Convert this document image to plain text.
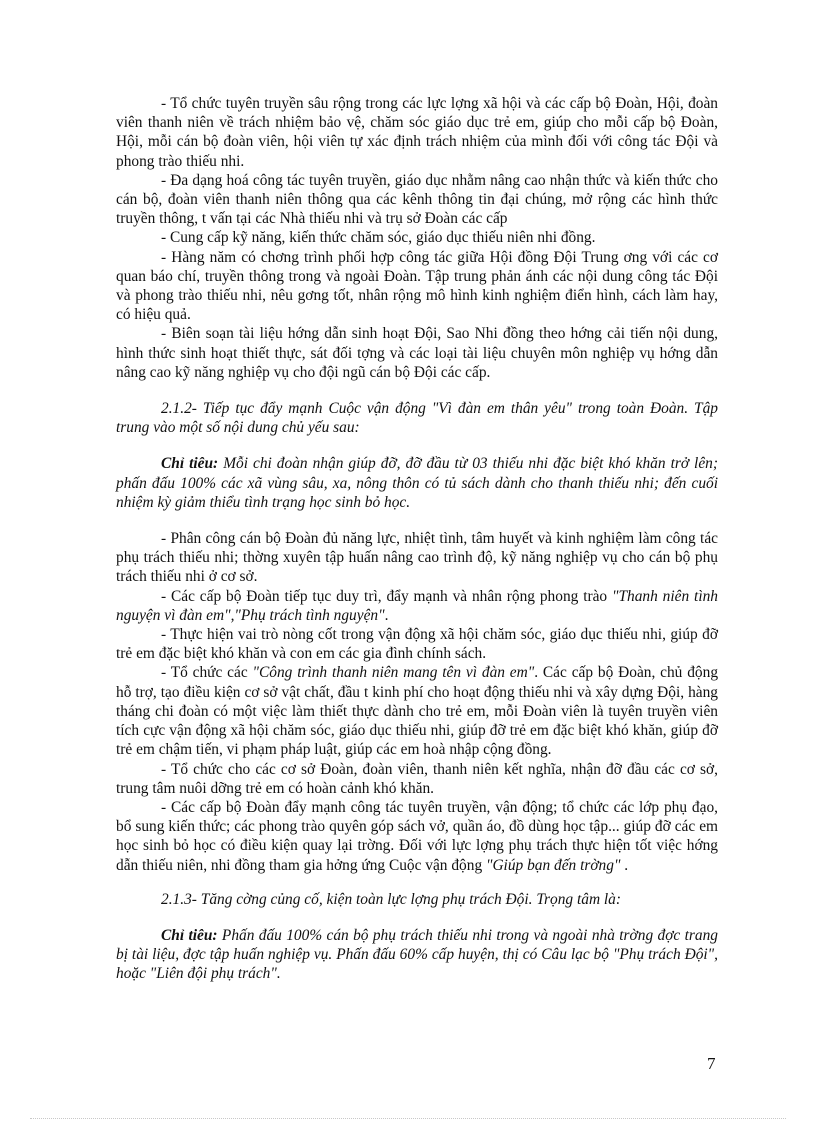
- Tổ chức tuyên truyền sâu rộng trong các lực lợng xã hội và các cấp bộ Đoàn, Hội, đoàn viên thanh niên về trách nhiệm bảo vệ, chăm sóc giáo dục trẻ em, giúp cho mỗi cấp bộ Đoàn, Hội, mỗi cán bộ đoàn viên, hội viên tự xác định trách nhiệm của mình đối với công tác Đội và phong trào thiếu nhi.

- Đa dạng hoá công tác tuyên truyền, giáo dục nhằm nâng cao nhận thức và kiến thức cho cán bộ, đoàn viên thanh niên thông qua các kênh thông tin đại chúng, mở rộng các hình thức truyền thông, t vấn tại các Nhà thiếu nhi và trụ sở Đoàn các cấp

- Cung cấp kỹ năng, kiến thức chăm sóc, giáo dục thiếu niên nhi đồng.

- Hàng năm có chơng trình phối hợp công tác giữa Hội đồng Đội Trung ơng với các cơ quan báo chí, truyền thông trong và ngoài Đoàn. Tập trung phản ánh các nội dung công tác Đội và phong trào thiếu nhi, nêu gơng tốt, nhân rộng mô hình kinh nghiệm điển hình, cách làm hay, có hiệu quả.

- Biên soạn tài liệu hớng dẫn sinh hoạt Đội, Sao Nhi đồng theo hớng cải tiến nội dung, hình thức sinh hoạt thiết thực, sát đối tợng và các loại tài liệu chuyên môn nghiệp vụ hớng dẫn nâng cao kỹ năng nghiệp vụ cho đội ngũ cán bộ Đội các cấp.

2.1.2- Tiếp tục đẩy mạnh Cuộc vận động "Vì đàn em thân yêu" trong toàn Đoàn. Tập trung vào một số nội dung chủ yếu sau:

Chỉ tiêu: Mỗi chi đoàn nhận giúp đỡ, đỡ đầu từ 03 thiếu nhi đặc biệt khó khăn trở lên; phấn đấu 100% các xã vùng sâu, xa, nông thôn có tủ sách dành cho thanh thiếu nhi; đến cuối nhiệm kỳ giảm thiểu tình trạng học sinh bỏ học.

- Phân công cán bộ Đoàn đủ năng lực, nhiệt tình, tâm huyết và kinh nghiệm làm công tác phụ trách thiếu nhi; thờng xuyên tập huấn nâng cao trình độ, kỹ năng nghiệp vụ cho cán bộ phụ trách thiếu nhi ở cơ sở.

- Các cấp bộ Đoàn tiếp tục duy trì, đẩy mạnh và nhân rộng phong trào "Thanh niên tình nguyện vì đàn em","Phụ trách tình nguyện".

- Thực hiện vai trò nòng cốt trong vận động xã hội chăm sóc, giáo dục thiếu nhi, giúp đỡ trẻ em đặc biệt khó khăn và con em các gia đình chính sách.

- Tổ chức các "Công trình thanh niên mang tên vì đàn em". Các cấp bộ Đoàn, chủ động hỗ trợ, tạo điều kiện cơ sở vật chất, đầu t kinh phí cho hoạt động thiếu nhi và xây dựng Đội, hàng tháng chi đoàn có một việc làm thiết thực dành cho trẻ em, mỗi Đoàn viên là tuyên truyền viên tích cực vận động xã hội chăm sóc, giáo dục thiếu nhi, giúp đỡ trẻ em đặc biệt khó khăn, giúp đỡ trẻ em chậm tiến, vi phạm pháp luật, giúp các em hoà nhập cộng đồng.

- Tổ chức cho các cơ sở Đoàn, đoàn viên, thanh niên kết nghĩa, nhận đỡ đầu các cơ sở, trung tâm nuôi dỡng trẻ em có hoàn cảnh khó khăn.

- Các cấp bộ Đoàn đẩy mạnh công tác tuyên truyền, vận động; tổ chức các lớp phụ đạo, bổ sung kiến thức; các phong trào quyên góp sách vở, quần áo, đồ dùng học tập... giúp đỡ các em học sinh bỏ học có điều kiện quay lại trờng. Đối với lực lợng phụ trách thực hiện tốt việc hớng dẫn thiếu niên, nhi đồng tham gia hởng ứng Cuộc vận động "Giúp bạn đến trờng" .

2.1.3- Tăng cờng củng cố, kiện toàn lực lợng phụ trách Đội. Trọng tâm là:

Chỉ tiêu: Phấn đấu 100% cán bộ phụ trách thiếu nhi trong và ngoài nhà trờng đợc trang bị tài liệu, đợc tập huấn nghiệp vụ. Phấn đấu 60% cấp huyện, thị có Câu lạc bộ "Phụ trách Đội", hoặc "Liên đội phụ trách".

7
